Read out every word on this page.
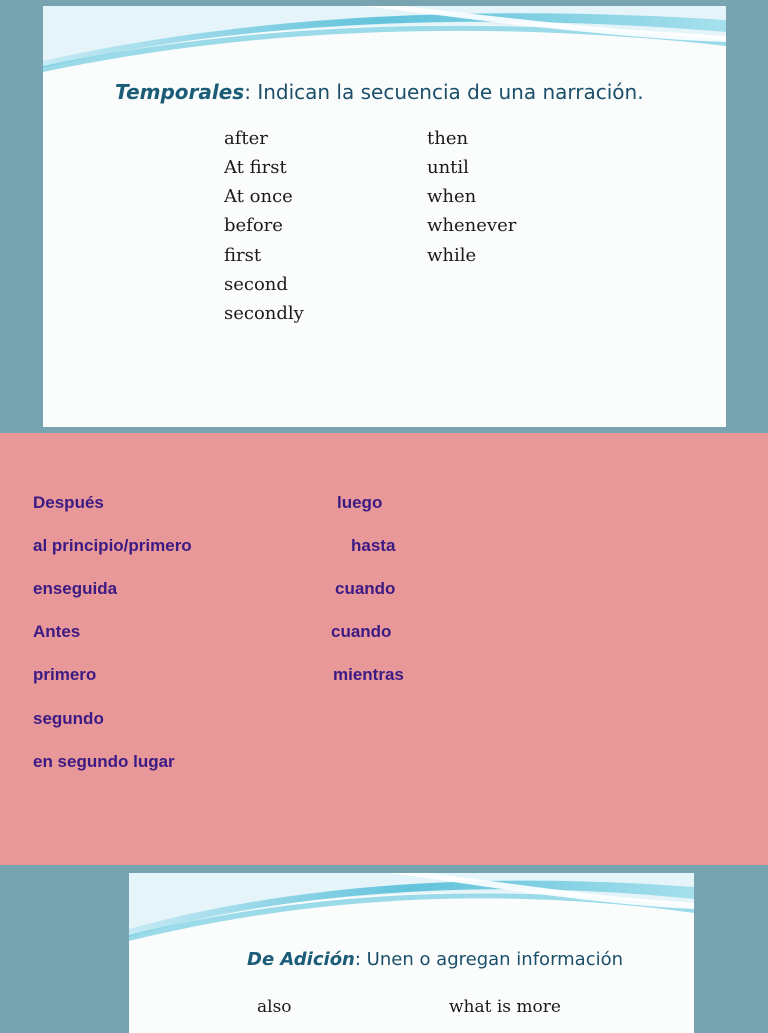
Temporales: Indican la secuencia de una narración.
after
At first
At once
before
first
second
secondly
then
until
when
whenever
while
Después
al principio/primero
enseguida
Antes
primero
segundo
en segundo lugar
luego
hasta
cuando
cuando
mientras
De Adición: Unen o agregan información
also	what is more
